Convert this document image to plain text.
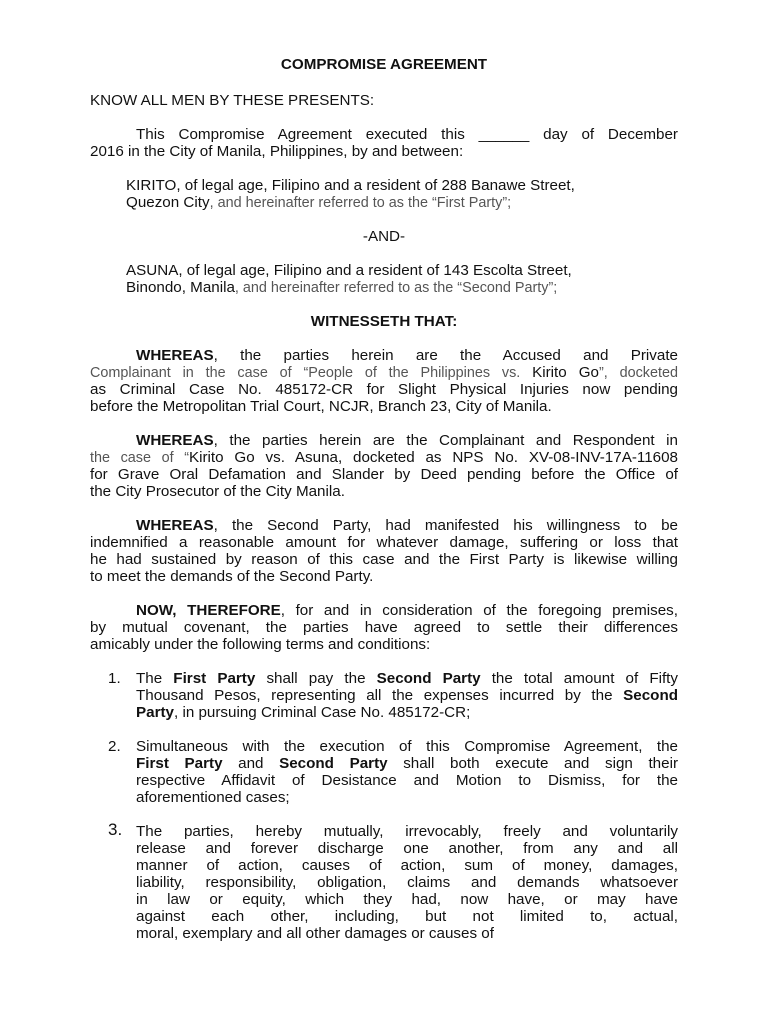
COMPROMISE AGREEMENT

KNOW ALL MEN BY THESE PRESENTS:

This Compromise Agreement executed this ______ day of December

2016 in the City of Manila, Philippines, by and between:

KIRITO, of legal age, Filipino and a resident of 288 Banawe Street,

Quezon City, and hereinafter referred to as the “First Party”;

-AND-

ASUNA, of legal age, Filipino and a resident of 143 Escolta Street,

Binondo, Manila, and hereinafter referred to as the “Second Party”;

WITNESSETH THAT:

WHEREAS, the parties herein are the Accused and Private

Complainant in the case of “People of the Philippines vs. Kirito Go”, docketed

as Criminal Case No. 485172-CR for Slight Physical Injuries now pending

before the Metropolitan Trial Court, NCJR, Branch 23, City of Manila.

WHEREAS, the parties herein are the Complainant and Respondent in

the case of “Kirito Go vs. Asuna, docketed as NPS No. XV-08-INV-17A-11608

for Grave Oral Defamation and Slander by Deed pending before the Office of

the City Prosecutor of the City Manila.

WHEREAS, the Second Party, had manifested his willingness to be

indemnified a reasonable amount for whatever damage, suffering or loss that

he had sustained by reason of this case and the First Party is likewise willing

to meet the demands of the Second Party.

NOW, THEREFORE, for and in consideration of the foregoing premises,

by mutual covenant, the parties have agreed to settle their differences

amicably under the following terms and conditions:

1. The First Party shall pay the Second Party the total amount of Fifty

Thousand Pesos, representing all the expenses incurred by the Second

Party, in pursuing Criminal Case No. 485172-CR;

2. Simultaneous with the execution of this Compromise Agreement, the

First Party and Second Party shall both execute and sign their

respective Affidavit of Desistance and Motion to Dismiss, for the

aforementioned cases;

3. The parties, hereby mutually, irrevocably, freely and voluntarily

release and forever discharge one another, from any and all

manner of action, causes of action, sum of money, damages,

liability, responsibility, obligation, claims and demands whatsoever

in law or equity, which they had, now have, or may have

against each other, including, but not limited to, actual,

moral, exemplary and all other damages or causes of
